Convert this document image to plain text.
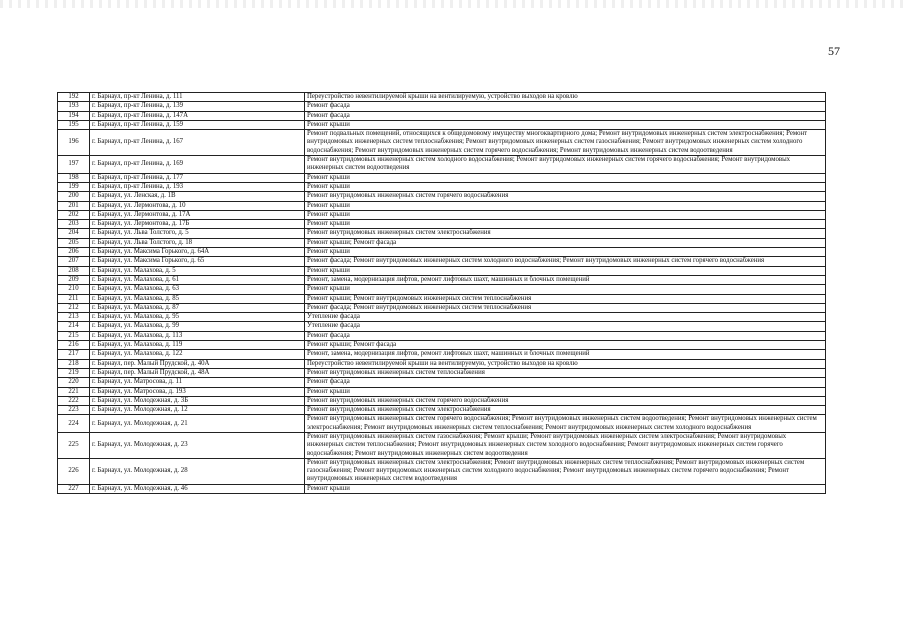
57
192	г. Барнаул, пр-кт Ленина, д. 111	Переустройство невентилируемой крыши на вентилируемую, устройство выходов на кровлю
193	г. Барнаул, пр-кт Ленина, д. 139	Ремонт фасада
194	г. Барнаул, пр-кт Ленина, д. 147А	Ремонт фасада
195	г. Барнаул, пр-кт Ленина, д. 159	Ремонт крыши
196	г. Барнаул, пр-кт Ленина, д. 167	Ремонт подвальных помещений, относящихся к общедомовому имуществу многоквартирного дома; Ремонт внутридомовых инженерных систем электроснабжения; Ремонт внутридомовых инженерных систем теплоснабжения; Ремонт внутридомовых инженерных систем газоснабжения; Ремонт внутридомовых инженерных систем холодного водоснабжения; Ремонт внутридомовых инженерных систем горячего водоснабжения; Ремонт внутридомовых инженерных систем водоотведения
197	г. Барнаул, пр-кт Ленина, д. 169	Ремонт внутридомовых инженерных систем холодного водоснабжения; Ремонт внутридомовых инженерных систем горячего водоснабжения; Ремонт внутридомовых инженерных систем водоотведения
198	г. Барнаул, пр-кт Ленина, д. 177	Ремонт крыши
199	г. Барнаул, пр-кт Ленина, д. 193	Ремонт крыши
200	г. Барнаул, ул. Ленская, д. 1В	Ремонт внутридомовых инженерных систем горячего водоснабжения
201	г. Барнаул, ул. Лермонтова, д. 10	Ремонт крыши
202	г. Барнаул, ул. Лермонтова, д. 17А	Ремонт крыши
203	г. Барнаул, ул. Лермонтова, д. 17Б	Ремонт крыши
204	г. Барнаул, ул. Льва Толстого, д. 5	Ремонт внутридомовых инженерных систем электроснабжения
205	г. Барнаул, ул. Льва Толстого, д. 18	Ремонт крыши; Ремонт фасада
206	г. Барнаул, ул. Максима Горького, д. 64А	Ремонт крыши
207	г. Барнаул, ул. Максима Горького, д. 65	Ремонт фасада; Ремонт внутридомовых инженерных систем холодного водоснабжения; Ремонт внутридомовых инженерных систем горячего водоснабжения
208	г. Барнаул, ул. Малахова, д. 5	Ремонт крыши
209	г. Барнаул, ул. Малахова, д. 61	Ремонт, замена, модернизация лифтов, ремонт лифтовых шахт, машинных и блочных помещений
210	г. Барнаул, ул. Малахова, д. 63	Ремонт крыши
211	г. Барнаул, ул. Малахова, д. 85	Ремонт крыши; Ремонт внутридомовых инженерных систем теплоснабжения
212	г. Барнаул, ул. Малахова, д. 87	Ремонт фасада; Ремонт внутридомовых инженерных систем теплоснабжения
213	г. Барнаул, ул. Малахова, д. 95	Утепление фасада
214	г. Барнаул, ул. Малахова, д. 99	Утепление фасада
215	г. Барнаул, ул. Малахова, д. 113	Ремонт фасада
216	г. Барнаул, ул. Малахова, д. 119	Ремонт крыши; Ремонт фасада
217	г. Барнаул, ул. Малахова, д. 122	Ремонт, замена, модернизация лифтов, ремонт лифтовых шахт, машинных и блочных помещений
218	г. Барнаул, пер. Малый Прудской, д. 40А	Переустройство невентилируемой крыши на вентилируемую, устройство выходов на кровлю
219	г. Барнаул, пер. Малый Прудской, д. 48А	Ремонт внутридомовых инженерных систем теплоснабжения
220	г. Барнаул, ул. Матросова, д. 11	Ремонт фасада
221	г. Барнаул, ул. Матросова, д. 193	Ремонт крыши
222	г. Барнаул, ул. Молодежная, д. 3Б	Ремонт внутридомовых инженерных систем горячего водоснабжения
223	г. Барнаул, ул. Молодежная, д. 12	Ремонт внутридомовых инженерных систем электроснабжения
224	г. Барнаул, ул. Молодежная, д. 21	Ремонт внутридомовых инженерных систем горячего водоснабжения; Ремонт внутридомовых инженерных систем водоотведения; Ремонт внутридомовых инженерных систем электроснабжения; Ремонт внутридомовых инженерных систем теплоснабжения; Ремонт внутридомовых инженерных систем холодного водоснабжения
225	г. Барнаул, ул. Молодежная, д. 23	Ремонт внутридомовых инженерных систем газоснабжения; Ремонт крыши; Ремонт внутридомовых инженерных систем электроснабжения; Ремонт внутридомовых инженерных систем теплоснабжения; Ремонт внутридомовых инженерных систем холодного водоснабжения; Ремонт внутридомовых инженерных систем горячего водоснабжения; Ремонт внутридомовых инженерных систем водоотведения
226	г. Барнаул, ул. Молодежная, д. 28	Ремонт внутридомовых инженерных систем электроснабжения; Ремонт внутридомовых инженерных систем теплоснабжения; Ремонт внутридомовых инженерных систем газоснабжения; Ремонт внутридомовых инженерных систем холодного водоснабжения; Ремонт внутридомовых инженерных систем горячего водоснабжения; Ремонт внутридомовых инженерных систем водоотведения
227	г. Барнаул, ул. Молодежная, д. 46	Ремонт крыши
